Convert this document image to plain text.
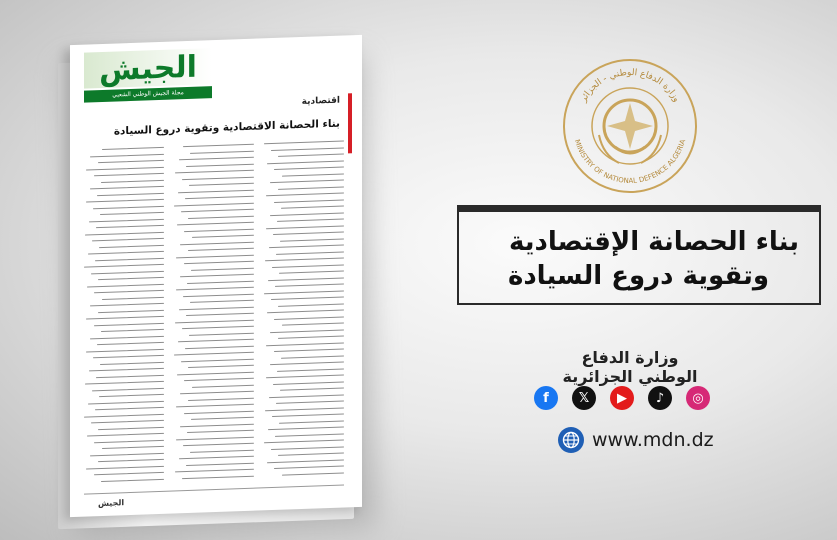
الجيش
مجلة الجيش الوطني الشعبي
اقتصادية
بناء الحصانة الاقتصادية وتقوية دروع السيادة
الجيش
وزارة الدفاع الوطني - الجزائر
MINISTRY OF NATIONAL DEFENCE ALGERIA
بناء الحصانة الإقتصادية
وتقوية دروع السيادة
وزارة الدفاع الوطني الجزائرية
f	𝕏	▶	♪	◎
www.mdn.dz
